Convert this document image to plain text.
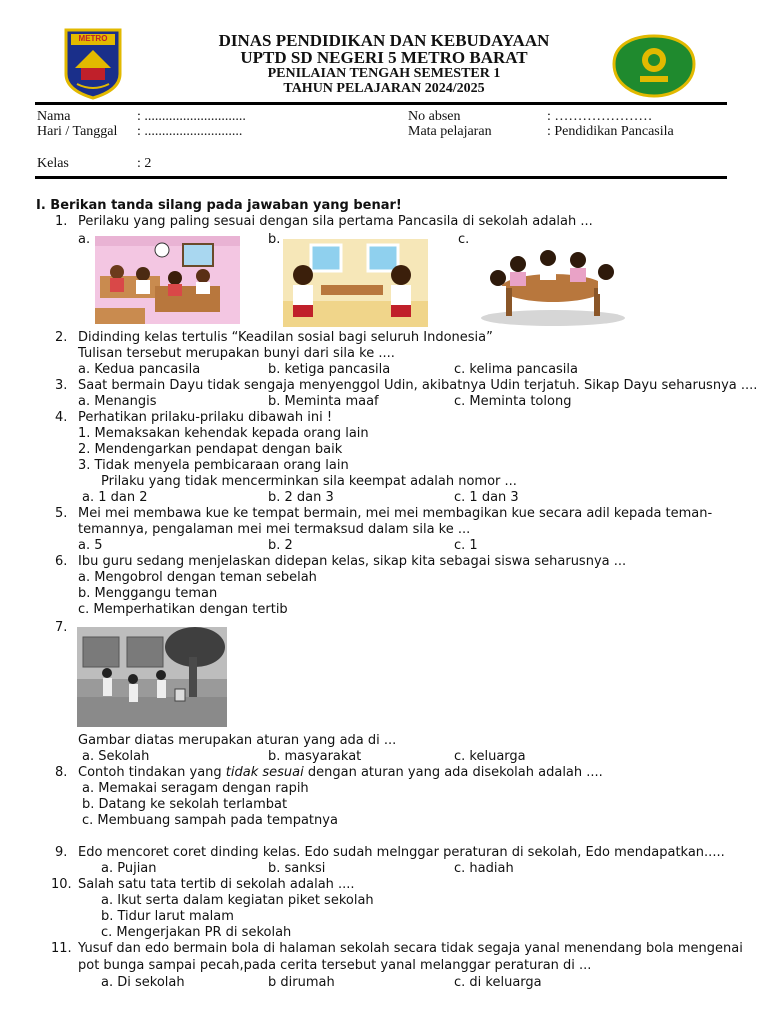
METRO	DINAS PENDIDIKAN DAN KEBUDAYAAN
UPTD SD NEGERI 5 METRO BARAT
PENILAIAN TENGAH SEMESTER 1
TAHUN PELAJARAN 2024/2025
Nama	: .............................
Hari / Tanggal : ............................
Kelas	: 2
No absen	: …………………
Mata pelajaran	: Pendidikan Pancasila
I. Berikan tanda silang pada jawaban yang benar!
1. Perilaku yang paling sesuai dengan sila pertama Pancasila di sekolah adalah ...
a.	b.	c.
2. Didinding kelas tertulis “Keadilan sosial bagi seluruh Indonesia”
Tulisan tersebut merupakan bunyi dari sila ke ....
a. Kedua pancasila	b. ketiga pancasila	c. kelima pancasila
3. Saat bermain Dayu tidak sengaja menyenggol Udin, akibatnya Udin terjatuh. Sikap Dayu seharusnya ....
a. Menangis	b. Meminta maaf	c. Meminta tolong
4. Perhatikan prilaku-prilaku dibawah ini !
1. Memaksakan kehendak kepada orang lain
2. Mendengarkan pendapat dengan baik
3. Tidak menyela pembicaraan orang lain
Prilaku yang tidak mencerminkan sila keempat adalah nomor ...
a. 1 dan 2	b. 2 dan 3	c. 1 dan 3
5. Mei mei membawa kue ke tempat bermain, mei mei membagikan kue secara adil kepada teman-
temannya, pengalaman mei mei termaksud dalam sila ke ...
a. 5	b. 2	c. 1
6. Ibu guru sedang menjelaskan didepan kelas, sikap kita sebagai siswa seharusnya ...
a. Mengobrol dengan teman sebelah
b. Menggangu teman
c. Memperhatikan dengan tertib
7.
Gambar diatas merupakan aturan yang ada di ...
a. Sekolah	b. masyarakat	c. keluarga
8. Contoh tindakan yang tidak sesuai dengan aturan yang ada disekolah adalah ....
a. Memakai seragam dengan rapih
b. Datang ke sekolah terlambat
c. Membuang sampah pada tempatnya
9. Edo mencoret coret dinding kelas. Edo sudah melnggar peraturan di sekolah, Edo mendapatkan.....
a. Pujian	b. sanksi	c. hadiah
10. Salah satu tata tertib di sekolah adalah ....
a. Ikut serta dalam kegiatan piket sekolah
b. Tidur larut malam
c. Mengerjakan PR di sekolah
11. Yusuf dan edo bermain bola di halaman sekolah secara tidak segaja yanal menendang bola mengenai
pot bunga sampai pecah,pada cerita tersebut yanal melanggar peraturan di ...
a. Di sekolah	b dirumah	c. di keluarga
